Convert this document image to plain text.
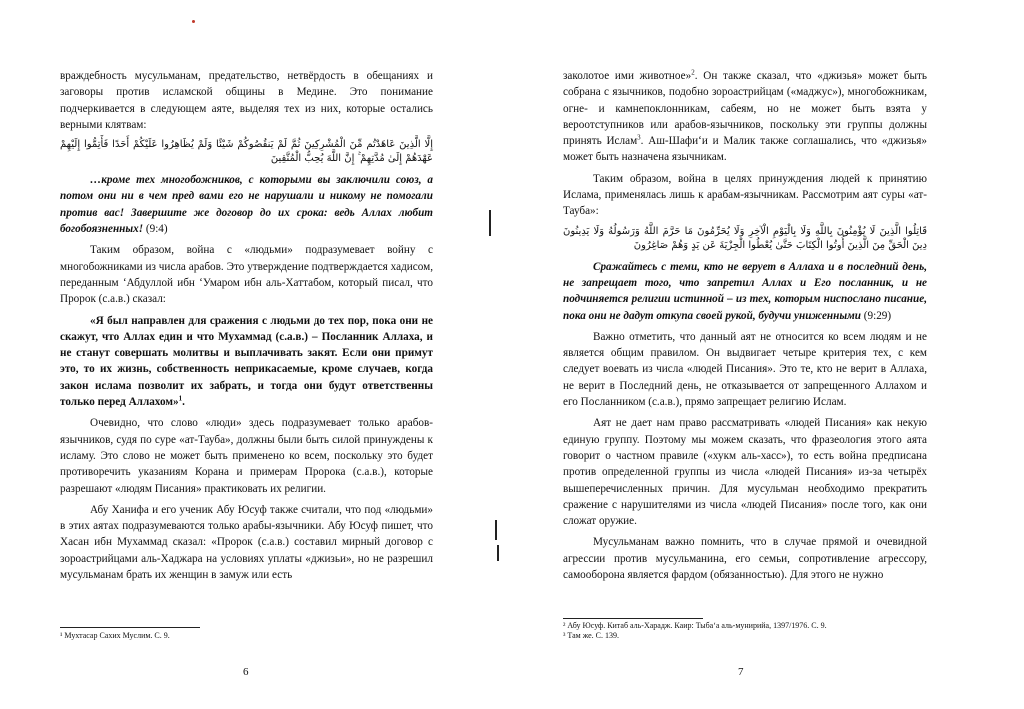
враждебность мусульманам, предательство, нетвёрдость в обещаниях и заговоры против исламской общины в Медине. Это понимание подчеркивается в следующем аяте, выделяя тех из них, которые остались верными клятвам:

إِلَّا الَّذِينَ عَاهَدْتُم مِّنَ الْمُشْرِكِينَ ثُمَّ لَمْ يَنقُصُوكُمْ شَيْئًا وَلَمْ يُظَاهِرُوا عَلَيْكُمْ أَحَدًا فَأَتِمُّوا إِلَيْهِمْ عَهْدَهُمْ إِلَىٰ مُدَّتِهِمْ ۚ إِنَّ اللَّهَ يُحِبُّ الْمُتَّقِينَ

…кроме тех многобожников, с которыми вы заключили союз, а потом они ни в чем пред вами его не нарушали и никому не помогали против вас! Завершите же договор до их срока: ведь Аллах любит богобоязненных! (9:4)

Таким образом, война с «людьми» подразумевает войну с многобожниками из числа арабов. Это утверждение подтверждается хадисом, переданным ‘Абдуллой ибн ‘Умаром ибн аль-Хаттабом, который писал, что Пророк (с.а.в.) сказал:

«Я был направлен для сражения с людьми до тех пор, пока они не скажут, что Аллах един и что Мухаммад (с.а.в.) – Посланник Аллаха, и не станут совершать молитвы и выплачивать закят. Если они примут это, то их жизнь, собственность неприкасаемые, кроме случаев, когда закон ислама позволит их забрать, и тогда они будут ответственны только перед Аллахом»$^1$.

Очевидно, что слово «люди» здесь подразумевает только арабов-язычников, судя по суре «ат-Тауба», должны были быть силой принуждены к исламу. Это слово не может быть применено ко всем, поскольку это будет противоречить указаниям Корана и примерам Пророка (с.а.в.), которые разрешают «людям Писания» практиковать их религии.

Абу Ханифа и его ученик Абу Юсуф также считали, что под «людьми» в этих аятах подразумеваются только арабы-язычники. Абу Юсуф пишет, что Хасан ибн Мухаммад сказал: «Пророк (с.а.в.) составил мирный договор с зороастрийцами аль-Хаджара на условиях уплаты «джизьи», но не разрешил мусульманам брать их женщин в замуж или есть

¹ Мухтасар Сахих Муслим. С. 9.
6

заколотое ими животное»$^2$. Он также сказал, что «джизья» может быть собрана с язычников, подобно зороастрийцам («маджус»), многобожникам, огне- и камнепоклонникам, сабеям, но не может быть взята у вероотступников или арабов-язычников, поскольку эти группы должны принять Ислам$^3$. Аш-Шафи‘и и Малик также соглашались, что «джизья» может быть назначена язычникам.

Таким образом, война в целях принуждения людей к принятию Ислама, применялась лишь к арабам-язычникам. Рассмотрим аят суры «ат-Тауба»:

قَاتِلُوا الَّذِينَ لَا يُؤْمِنُونَ بِاللَّهِ وَلَا بِالْيَوْمِ الْآخِرِ وَلَا يُحَرِّمُونَ مَا حَرَّمَ اللَّهُ وَرَسُولُهُ وَلَا يَدِينُونَ دِينَ الْحَقِّ مِنَ الَّذِينَ أُوتُوا الْكِتَابَ حَتَّىٰ يُعْطُوا الْجِزْيَةَ عَن يَدٍ وَهُمْ صَاغِرُونَ

Сражайтесь с теми, кто не верует в Аллаха и в последний день, не запрещает того, что запретил Аллах и Его посланник, и не подчиняется религии истинной – из тех, которым ниспослано писание, пока они не дадут откупа своей рукой, будучи униженными (9:29)

Важно отметить, что данный аят не относится ко всем людям и не является общим правилом. Он выдвигает четыре критерия тех, с кем следует воевать из числа «людей Писания». Это те, кто не верит в Аллаха, не верит в Последний день, не отказывается от запрещенного Аллахом и его Посланником (с.а.в.), прямо запрещает религию Ислам.

Аят не дает нам право рассматривать «людей Писания» как некую единую группу. Поэтому мы можем сказать, что фразеология этого аята говорит о частном правиле («хукм аль-хасс»), то есть война предписана против определенной группы из числа «людей Писания» из-за четырёх вышеперечисленных причин. Для мусульман необходимо прекратить сражение с нарушителями из числа «людей Писания» после того, как они сложат оружие.

Мусульманам важно помнить, что в случае прямой и очевидной агрессии против мусульманина, его семьи, сопротивление агрессору, самооборона является фардом (обязанностью). Для этого не нужно

² Абу Юсуф. Китаб аль-Харадж. Каир: Тыба‘а аль-мунирийа, 1397/1976. С. 9.
³ Там же. С. 139.
7
